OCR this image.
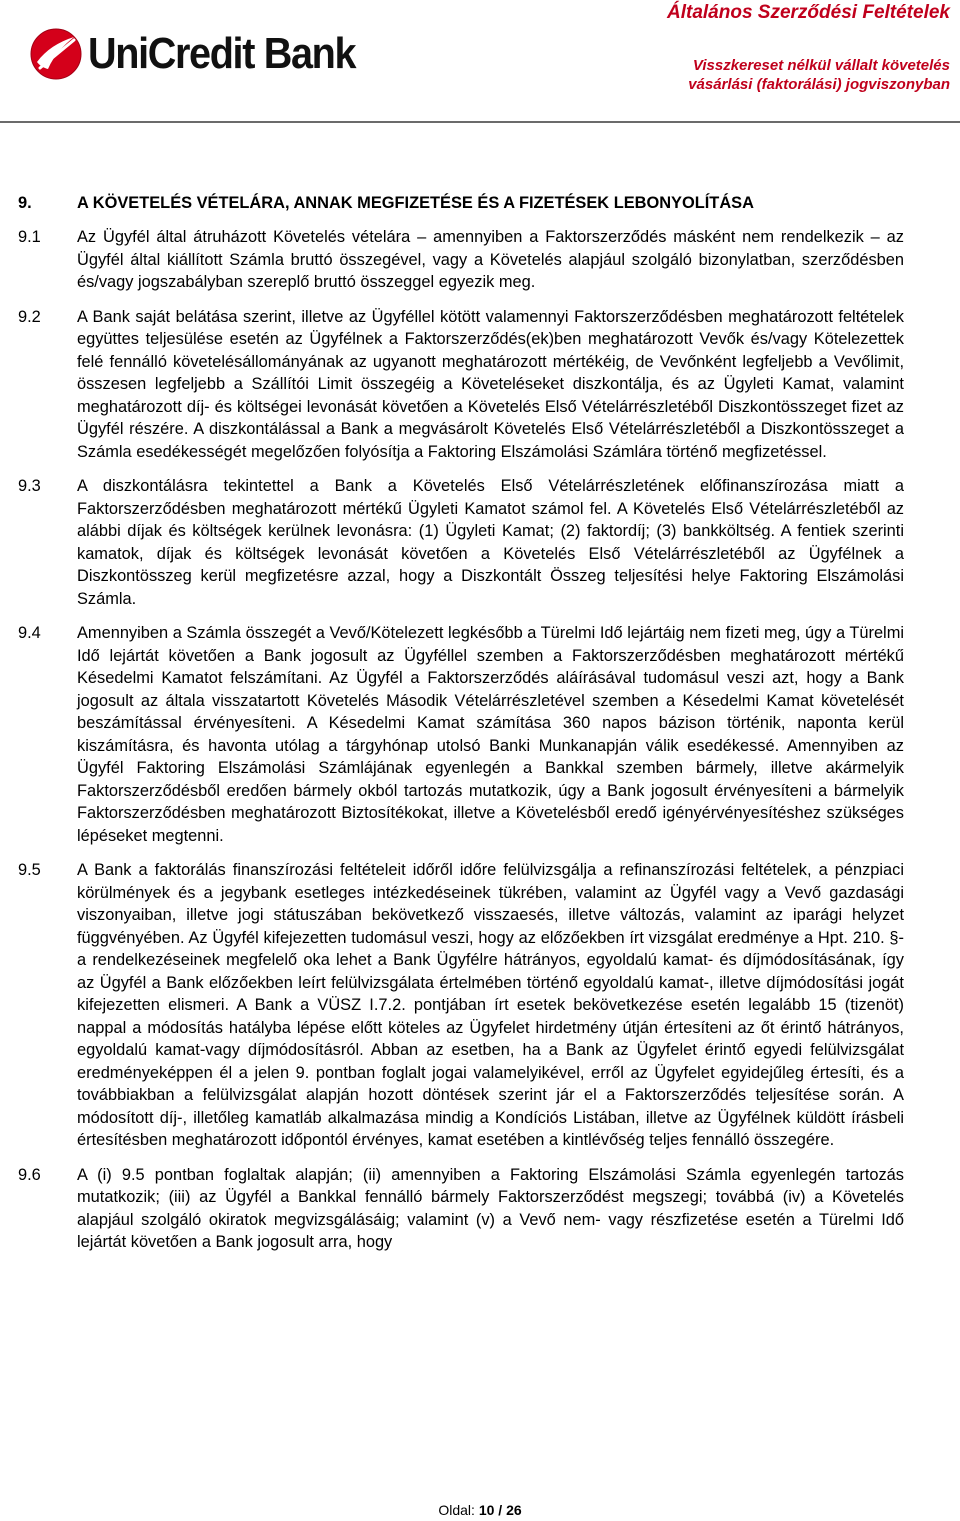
UniCredit Bank
Általános Szerződési Feltételek
Visszkereset nélkül vállalt követelés vásárlási (faktorálási) jogviszonyban
9.	A KÖVETELÉS VÉTELÁRA, ANNAK MEGFIZETÉSE ÉS A FIZETÉSEK LEBONYOLÍTÁSA
9.1	Az Ügyfél által átruházott Követelés vételára – amennyiben a Faktorszerződés másként nem rendelkezik – az Ügyfél által kiállított Számla bruttó összegével, vagy a Követelés alapjául szolgáló bizonylatban, szerződésben és/vagy jogszabályban szereplő bruttó összeggel egyezik meg.
9.2	A Bank saját belátása szerint, illetve az Ügyféllel kötött valamennyi Faktorszerződésben meghatározott feltételek együttes teljesülése esetén az Ügyfélnek a Faktorszerződés(ek)ben meghatározott Vevők és/vagy Kötelezettek felé fennálló követelésállományának az ugyanott meghatározott mértékéig, de Vevőnként legfeljebb a Vevőlimit, összesen legfeljebb a Szállítói Limit összegéig a Követeléseket diszkontálja, és az Ügyleti Kamat, valamint meghatározott díj- és költségei levonását követően a Követelés Első Vételárrészletéből Diszkontösszeget fizet az Ügyfél részére. A diszkontálással a Bank a megvásárolt Követelés Első Vételárrészletéből a Diszkontösszeget a Számla esedékességét megelőzően folyósítja a Faktoring Elszámolási Számlára történő megfizetéssel.
9.3	A diszkontálásra tekintettel a Bank a Követelés Első Vételárrészletének előfinanszírozása miatt a Faktorszerződésben meghatározott mértékű Ügyleti Kamatot számol fel. A Követelés Első Vételárrészletéből az alábbi díjak és költségek kerülnek levonásra: (1) Ügyleti Kamat; (2) faktordíj; (3) bankköltség. A fentiek szerinti kamatok, díjak és költségek levonását követően a Követelés Első Vételárrészletéből az Ügyfélnek a Diszkontösszeg kerül megfizetésre azzal, hogy a Diszkontált Összeg teljesítési helye Faktoring Elszámolási Számla.
9.4	Amennyiben a Számla összegét a Vevő/Kötelezett legkésőbb a Türelmi Idő lejártáig nem fizeti meg, úgy a Türelmi Idő lejártát követően a Bank jogosult az Ügyféllel szemben a Faktorszerződésben meghatározott mértékű Késedelmi Kamatot felszámítani. Az Ügyfél a Faktorszerződés aláírásával tudomásul veszi azt, hogy a Bank jogosult az általa visszatartott Követelés Második Vételárrészletével szemben a Késedelmi Kamat követelését beszámítással érvényesíteni. A Késedelmi Kamat számítása 360 napos bázison történik, naponta kerül kiszámításra, és havonta utólag a tárgyhónap utolsó Banki Munkanapján válik esedékessé. Amennyiben az Ügyfél Faktoring Elszámolási Számlájának egyenlegén a Bankkal szemben bármely, illetve akármelyik Faktorszerződésből eredően bármely okból tartozás mutatkozik, úgy a Bank jogosult érvényesíteni a bármelyik Faktorszerződésben meghatározott Biztosítékokat, illetve a Követelésből eredő igényérvényesítéshez szükséges lépéseket megtenni.
9.5	A Bank a faktorálás finanszírozási feltételeit időről időre felülvizsgálja a refinanszírozási feltételek, a pénzpiaci körülmények és a jegybank esetleges intézkedéseinek tükrében, valamint az Ügyfél vagy a Vevő gazdasági viszonyaiban, illetve jogi státuszában bekövetkező visszaesés, illetve változás, valamint az iparági helyzet függvényében. Az Ügyfél kifejezetten tudomásul veszi, hogy az előzőekben írt vizsgálat eredménye a Hpt. 210. §- a rendelkezéseinek megfelelő oka lehet a Bank Ügyfélre hátrányos, egyoldalú kamat- és díjmódosításának, így az Ügyfél a Bank előzőekben leírt felülvizsgálata értelmében történő egyoldalú kamat-, illetve díjmódosítási jogát kifejezetten elismeri. A Bank a VÜSZ I.7.2. pontjában írt esetek bekövetkezése esetén legalább 15 (tizenöt) nappal a módosítás hatályba lépése előtt köteles az Ügyfelet hirdetmény útján értesíteni az őt érintő hátrányos, egyoldalú kamat-vagy díjmódosításról. Abban az esetben, ha a Bank az Ügyfelet érintő egyedi felülvizsgálat eredményeképpen él a jelen 9. pontban foglalt jogai valamelyikével, erről az Ügyfelet egyidejűleg értesíti, és a továbbiakban a felülvizsgálat alapján hozott döntések szerint jár el a Faktorszerződés teljesítése során. A módosított díj-, illetőleg kamatláb alkalmazása mindig a Kondíciós Listában, illetve az Ügyfélnek küldött írásbeli értesítésben meghatározott időpontól érvényes, kamat esetében a kintlévőség teljes fennálló összegére.
9.6	A (i) 9.5 pontban foglaltak alapján; (ii) amennyiben a Faktoring Elszámolási Számla egyenlegén tartozás mutatkozik; (iii) az Ügyfél a Bankkal fennálló bármely Faktorszerződést megszegi; továbbá (iv) a Követelés alapjául szolgáló okiratok megvizsgálásáig; valamint (v) a Vevő nem- vagy részfizetése esetén a Türelmi Idő lejártát követően a Bank jogosult arra, hogy
Oldal: 10 / 26
